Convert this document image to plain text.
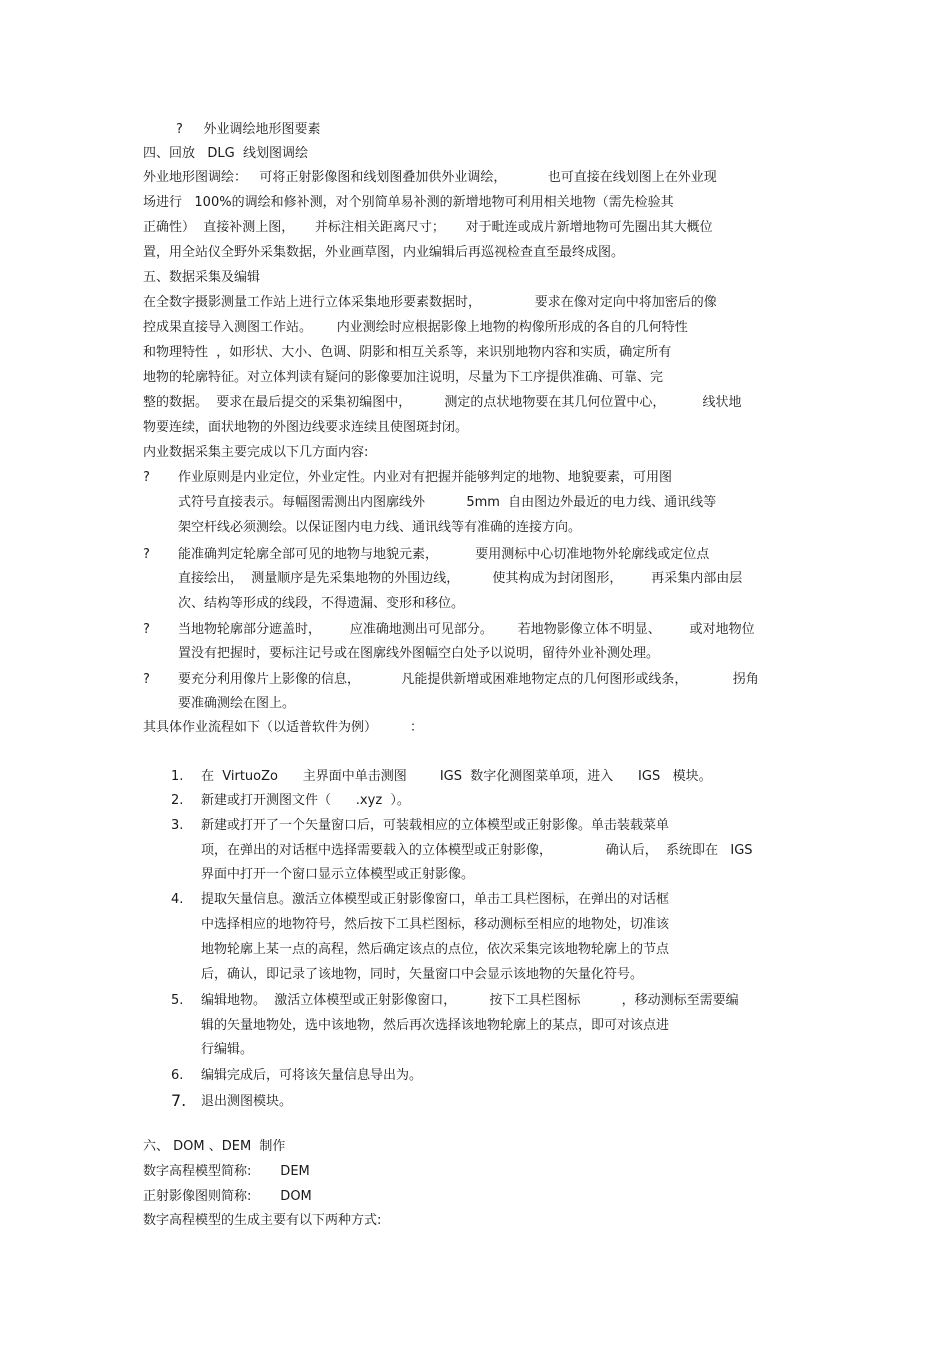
?     外业调绘地形图要素
四、回放   DLG  线划图调绘
外业地形图调绘：   可将正射影像图和线划图叠加供外业调绘，          也可直接在线划图上在外业现
场进行   100%的调绘和修补测，对个别简单易补测的新增地物可利用相关地物（需先检验其
正确性）  直接补测上图，     并标注相关距离尺寸；     对于毗连或成片新增地物可先圈出其大概位
置，用全站仪全野外采集数据，外业画草图，内业编辑后再巡视检查直至最终成图。
五、数据采集及编辑
在全数字摄影测量工作站上进行立体采集地形要素数据时，             要求在像对定向中将加密后的像
控成果直接导入测图工作站。      内业测绘时应根据影像上地物的构像所形成的各自的几何特性
和物理特性  ，如形状、大小、色调、阴影和相互关系等，来识别地物内容和实质，确定所有
地物的轮廓特征。对立体判读有疑问的影像要加注说明，尽量为下工序提供准确、可靠、完
整的数据。  要求在最后提交的采集初编图中，        测定的点状地物要在其几何位置中心，         线状地
物要连续，面状地物的外图边线要求连续且使图斑封闭。
内业数据采集主要完成以下几方面内容:
? 作业原则是内业定位，外业定性。内业对有把握并能够判定的地物、地貌要素，可用图
式符号直接表示。每幅图需测出内图廓线外          5mm  自由图边外最近的电力线、通讯线等
架空杆线必须测绘。以保证图内电力线、通讯线等有准确的连接方向。
? 能准确判定轮廓全部可见的地物与地貌元素，         要用测标中心切准地物外轮廓线或定位点
直接绘出，  测量顺序是先采集地物的外围边线，        使其构成为封闭图形，       再采集内部由层
次、结构等形成的线段，不得遗漏、变形和移位。
? 当地物轮廓部分遮盖时，       应准确地测出可见部分。      若地物影像立体不明显、       或对地物位
置没有把握时，要标注记号或在图廓线外图幅空白处予以说明，留待外业补测处理。
? 要充分利用像片上影像的信息，          凡能提供新增或困难地物定点的几何图形或线条，           拐角
要准确测绘在图上。
其具体作业流程如下（以适普软件为例）        ：
1. 在  VirtuoZo      主界面中单击测图        IGS  数字化测图菜单项，进入      IGS   模块。
2. 新建或打开测图文件（      .xyz  ）。
3. 新建或打开了一个矢量窗口后，可装载相应的立体模型或正射影像。单击装载菜单
项，在弹出的对话框中选择需要载入的立体模型或正射影像，             确认后，  系统即在   IGS
界面中打开一个窗口显示立体模型或正射影像。
4. 提取矢量信息。激活立体模型或正射影像窗口，单击工具栏图标，在弹出的对话框
中选择相应的地物符号，然后按下工具栏图标，移动测标至相应的地物处，切准该
地物轮廓上某一点的高程，然后确定该点的点位，依次采集完该地物轮廓上的节点
后，确认，即记录了该地物，同时，矢量窗口中会显示该地物的矢量化符号。
5. 编辑地物。  激活立体模型或正射影像窗口，        按下工具栏图标          ，移动测标至需要编
辑的矢量地物处，选中该地物，然后再次选择该地物轮廓上的某点，即可对该点进
行编辑。
6. 编辑完成后，可将该矢量信息导出为。
7. 退出测图模块。
六、 DOM 、DEM  制作
数字高程模型简称:       DEM
正射影像图则简称:       DOM
数字高程模型的生成主要有以下两种方式:
